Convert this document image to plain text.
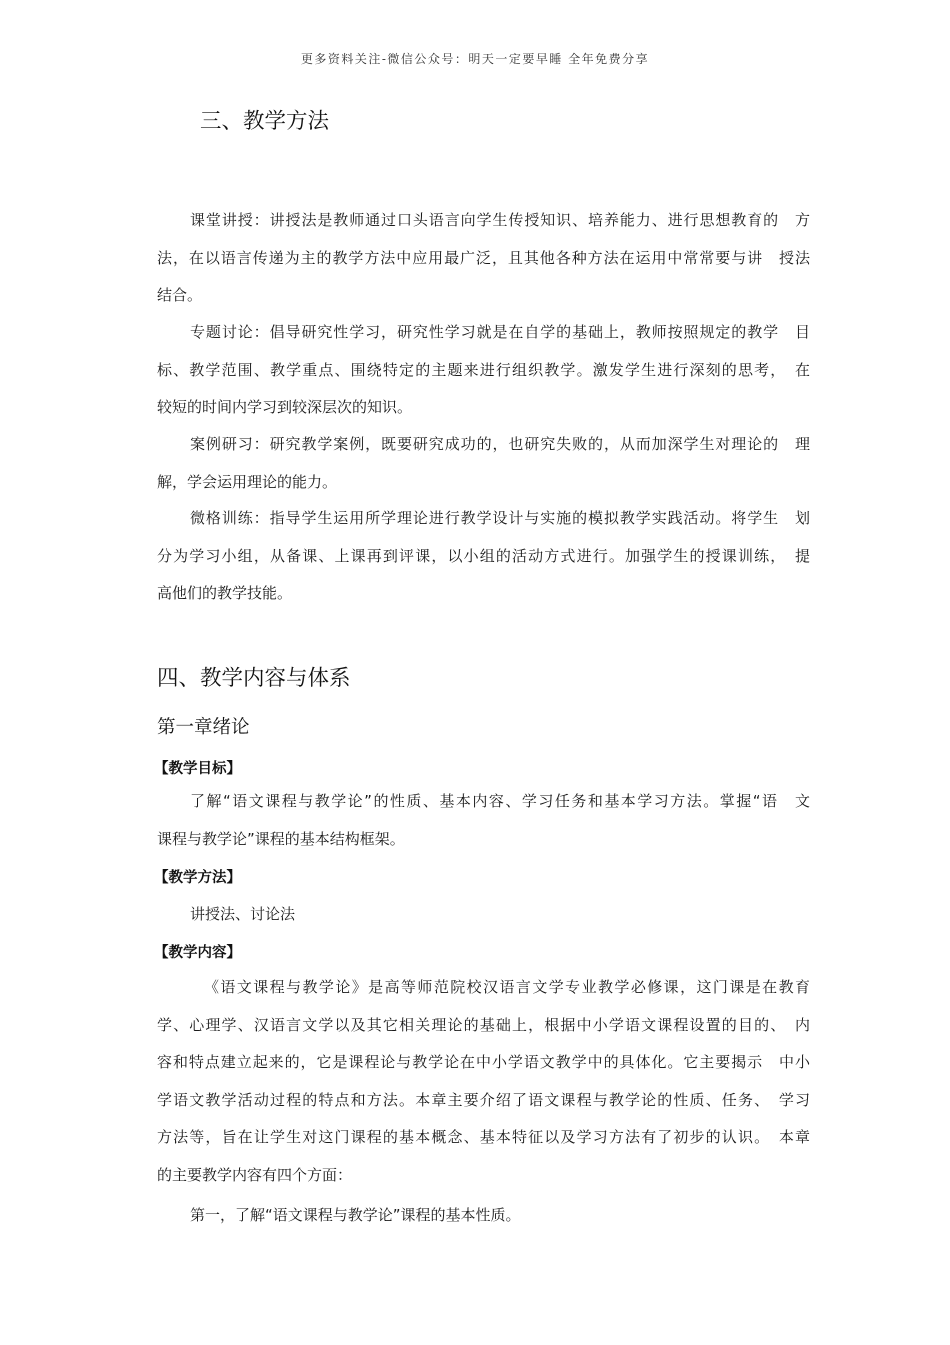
更多资料关注-微信公众号：明天一定要早睡 全年免费分享
三、教学方法
课堂讲授：讲授法是教师通过口头语言向学生传授知识、培养能力、进行思想教育的　方
法，在以语言传递为主的教学方法中应用最广泛，且其他各种方法在运用中常常要与讲　授法
结合。
专题讨论：倡导研究性学习，研究性学习就是在自学的基础上，教师按照规定的教学　目
标、教学范围、教学重点、围绕特定的主题来进行组织教学。激发学生进行深刻的思考，　在
较短的时间内学习到较深层次的知识。
案例研习：研究教学案例，既要研究成功的，也研究失败的，从而加深学生对理论的　理
解，学会运用理论的能力。
微格训练：指导学生运用所学理论进行教学设计与实施的模拟教学实践活动。将学生　划
分为学习小组，从备课、上课再到评课，以小组的活动方式进行。加强学生的授课训练，　提
高他们的教学技能。
四、教学内容与体系
第一章绪论
【教学目标】
了解“语文课程与教学论”的性质、基本内容、学习任务和基本学习方法。掌握“语　文
课程与教学论”课程的基本结构框架。
【教学方法】
讲授法、讨论法
【教学内容】
《语文课程与教学论》是高等师范院校汉语言文学专业教学必修课，这门课是在教育
学、心理学、汉语言文学以及其它相关理论的基础上，根据中小学语文课程设置的目的、　内
容和特点建立起来的，它是课程论与教学论在中小学语文教学中的具体化。它主要揭示　中小
学语文教学活动过程的特点和方法。本章主要介绍了语文课程与教学论的性质、任务、　学习
方法等，旨在让学生对这门课程的基本概念、基本特征以及学习方法有了初步的认识。　本章
的主要教学内容有四个方面：
第一，了解“语文课程与教学论”课程的基本性质。
